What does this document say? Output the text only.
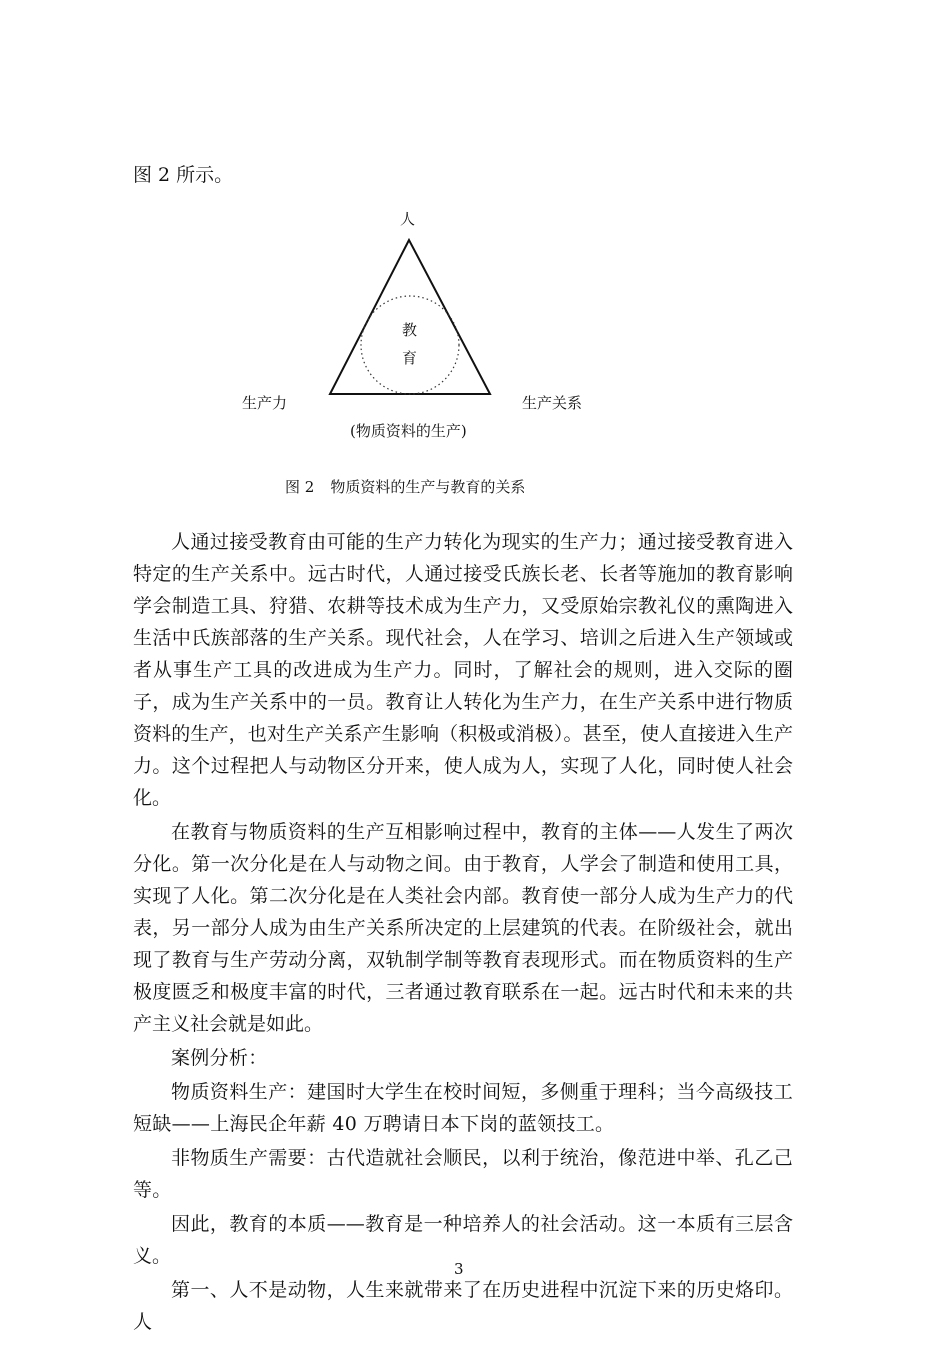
图 2 所示。
人
教
育
生产力	生产关系
(物质资料的生产)
图 2 物质资料的生产与教育的关系

人通过接受教育由可能的生产力转化为现实的生产力；通过接受教育进入特定的生产关系中。远古时代，人通过接受氏族长老、长者等施加的教育影响学会制造工具、狩猎、农耕等技术成为生产力，又受原始宗教礼仪的熏陶进入生活中氏族部落的生产关系。现代社会，人在学习、培训之后进入生产领域或者从事生产工具的改进成为生产力。同时，了解社会的规则，进入交际的圈子，成为生产关系中的一员。教育让人转化为生产力，在生产关系中进行物质资料的生产，也对生产关系产生影响（积极或消极）。甚至，使人直接进入生产力。这个过程把人与动物区分开来，使人成为人，实现了人化，同时使人社会化。

在教育与物质资料的生产互相影响过程中，教育的主体——人发生了两次分化。第一次分化是在人与动物之间。由于教育，人学会了制造和使用工具，实现了人化。第二次分化是在人类社会内部。教育使一部分人成为生产力的代表，另一部分人成为由生产关系所决定的上层建筑的代表。在阶级社会，就出现了教育与生产劳动分离，双轨制学制等教育表现形式。而在物质资料的生产极度匮乏和极度丰富的时代，三者通过教育联系在一起。远古时代和未来的共产主义社会就是如此。

案例分析：

物质资料生产：建国时大学生在校时间短，多侧重于理科；当今高级技工短缺——上海民企年薪 40 万聘请日本下岗的蓝领技工。

非物质生产需要：古代造就社会顺民，以利于统治，像范进中举、孔乙己等。

因此，教育的本质——教育是一种培养人的社会活动。这一本质有三层含义。

第一、人不是动物，人生来就带来了在历史进程中沉淀下来的历史烙印。人

3
